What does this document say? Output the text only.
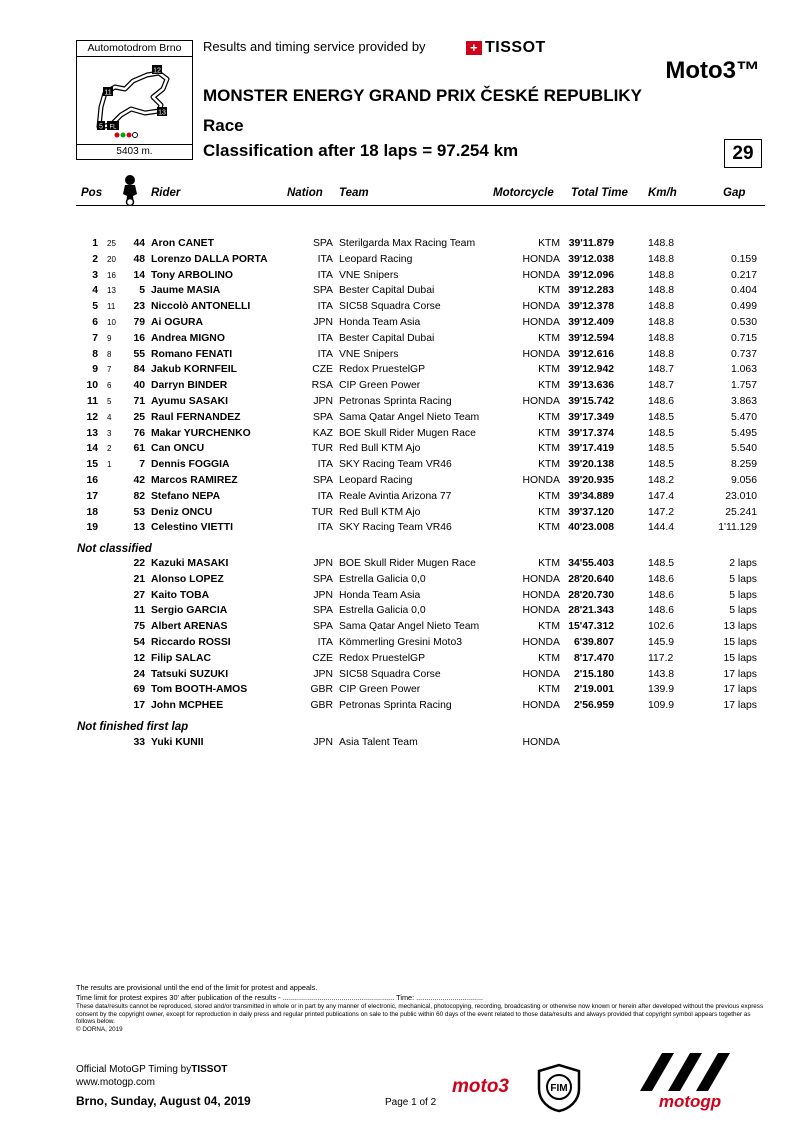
Automotodrom Brno
12
11
13
5 FL
5403 m.
Results and timing service provided by	+ TISSOT
Moto3™
MONSTER ENERGY GRAND PRIX ČESKÉ REPUBLIKY
Race
Classification after 18 laps = 97.254 km	29
Pos	Rider	Nation Team	Motorcycle Total Time Km/h	Gap
1 25 44 Aron CANET	SPA Sterilgarda Max Racing Team	KTM 39'11.879	148.8
2 20 48 Lorenzo DALLA PORTA	ITA Leopard Racing	HONDA 39'12.038	148.8	0.159
3 16 14 Tony ARBOLINO	ITA VNE Snipers	HONDA 39'12.096	148.8	0.217
4 13 5 Jaume MASIA	SPA Bester Capital Dubai	KTM 39'12.283	148.8	0.404
5 11 23 Niccolò ANTONELLI	ITA SIC58 Squadra Corse	HONDA 39'12.378	148.8	0.499
6 10 79 Ai OGURA	JPN Honda Team Asia	HONDA 39'12.409	148.8	0.530
7 9 16 Andrea MIGNO	ITA Bester Capital Dubai	KTM 39'12.594	148.8	0.715
8 8 55 Romano FENATI	ITA VNE Snipers	HONDA 39'12.616	148.8	0.737
9 7 84 Jakub KORNFEIL	CZE Redox PruestelGP	KTM 39'12.942	148.7	1.063
10 6 40 Darryn BINDER	RSA CIP Green Power	KTM 39'13.636	148.7	1.757
11 5 71 Ayumu SASAKI	JPN Petronas Sprinta Racing	HONDA 39'15.742	148.6	3.863
12 4 25 Raul FERNANDEZ	SPA Sama Qatar Angel Nieto Team	KTM 39'17.349	148.5	5.470
13 3 76 Makar YURCHENKO	KAZ BOE Skull Rider Mugen Race	KTM 39'17.374	148.5	5.495
14 2 61 Can ONCU	TUR Red Bull KTM Ajo	KTM 39'17.419	148.5	5.540
15 1	7 Dennis FOGGIA	ITA SKY Racing Team VR46	KTM 39'20.138	148.5	8.259
16	42 Marcos RAMIREZ	SPA Leopard Racing	HONDA 39'20.935	148.2	9.056
17	82 Stefano NEPA	ITA Reale Avintia Arizona 77	KTM 39'34.889	147.4	23.010
18	53 Deniz ONCU	TUR Red Bull KTM Ajo	KTM 39'37.120	147.2	25.241
19	13 Celestino VIETTI	ITA SKY Racing Team VR46	KTM 40'23.008	144.4	1'11.129
Not classified
22 Kazuki MASAKI	JPN BOE Skull Rider Mugen Race	KTM 34'55.403	148.5	2 laps
21 Alonso LOPEZ	SPA Estrella Galicia 0,0	HONDA 28'20.640	148.6	5 laps
27 Kaito TOBA	JPN Honda Team Asia	HONDA 28'20.730	148.6	5 laps
11 Sergio GARCIA	SPA Estrella Galicia 0,0	HONDA 28'21.343	148.6	5 laps
75 Albert ARENAS	SPA Sama Qatar Angel Nieto Team	KTM 15'47.312	102.6	13 laps
54 Riccardo ROSSI	ITA Kömmerling Gresini Moto3	HONDA 6'39.807	145.9	15 laps
12 Filip SALAC	CZE Redox PruestelGP	KTM 8'17.470	117.2	15 laps
24 Tatsuki SUZUKI	JPN SIC58 Squadra Corse	HONDA 2'15.180	143.8	17 laps
69 Tom BOOTH-AMOS	GBR CIP Green Power	KTM 2'19.001	139.9	17 laps
17 John MCPHEE	GBR Petronas Sprinta Racing	HONDA 2'56.959	109.9	17 laps
Not finished first lap
33 Yuki KUNII	JPN Asia Talent Team	HONDA
The results are provisional until the end of the limit for protest and appeals.
Time limit for protest expires 30' after publication of the results - ....................................................... Time: .................................
These data/results cannot be reproduced, stored and/or transmitted in whole or in part by any manner of electronic, mechanical, photocopying, recording, broadcasting or otherwise now known or herein after developed without the previous express consent by the copyright owner, except for reproduction in daily press and regular printed publications on sale to the public within 60 days of the event related to those data/results and always provided that copyright symbol appears together as follows below.
© DORNA, 2019
Official MotoGP Timing byTISSOT
www.motogp.com
Brno, Sunday, August 04, 2019	Page 1 of 2
moto3	FIM
motogp
